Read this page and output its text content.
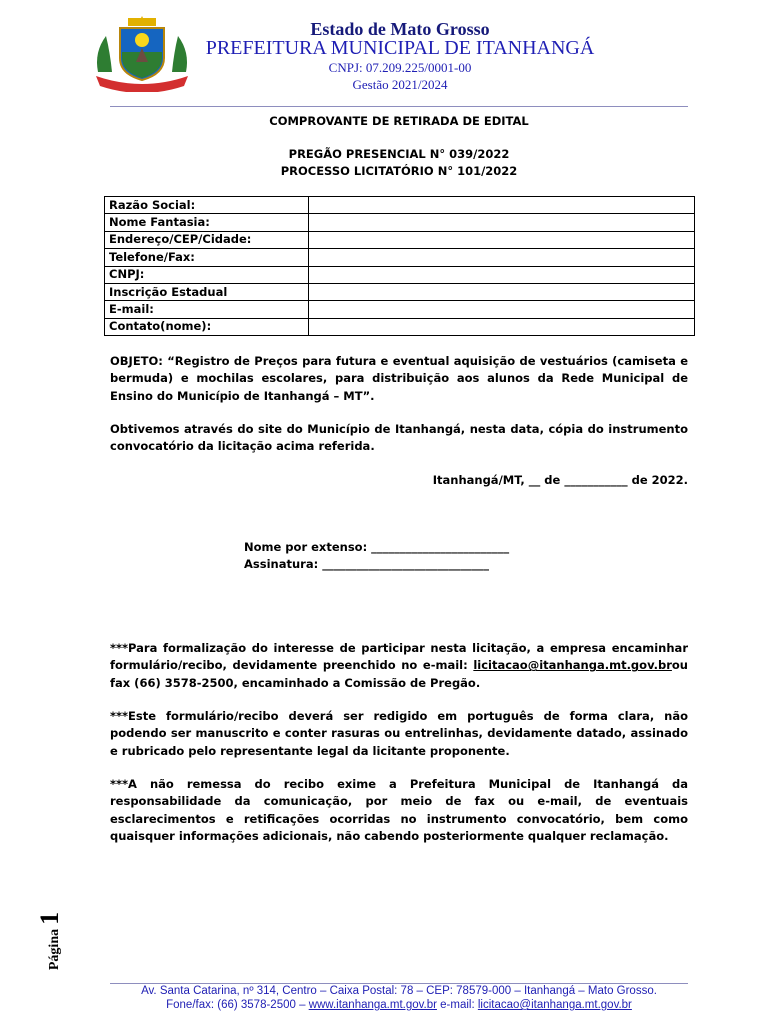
Estado de Mato Grosso
PREFEITURA MUNICIPAL DE ITANHANGÁ
CNPJ: 07.209.225/0001-00
Gestão 2021/2024
COMPROVANTE DE RETIRADA DE EDITAL
PREGÃO PRESENCIAL N° 039/2022
PROCESSO LICITATÓRIO N° 101/2022
Razão Social:	
Nome Fantasia:	
Endereço/CEP/Cidade:	
Telefone/Fax:	
CNPJ:	
Inscrição Estadual	
E-mail:	
Contato(nome):	
OBJETO: “Registro de Preços para futura e eventual aquisição de vestuários (camiseta e bermuda) e mochilas escolares, para distribuição aos alunos da Rede Municipal de Ensino do Município de Itanhangá – MT”.
Obtivemos através do site do Município de Itanhangá, nesta data, cópia do instrumento convocatório da licitação acima referida.
Itanhangá/MT, __ de ___________ de 2022.
Nome por extenso: ________________________
Assinatura: _____________________________
***Para formalização do interesse de participar nesta licitação, a empresa encaminhar formulário/recibo, devidamente preenchido no e-mail: licitacao@itanhanga.mt.gov.brou fax (66) 3578-2500, encaminhado a Comissão de Pregão.
***Este formulário/recibo deverá ser redigido em português de forma clara, não podendo ser manuscrito e conter rasuras ou entrelinhas, devidamente datado, assinado e rubricado pelo representante legal da licitante proponente.
***A não remessa do recibo exime a Prefeitura Municipal de Itanhangá da responsabilidade da comunicação, por meio de fax ou e-mail, de eventuais esclarecimentos e retificações ocorridas no instrumento convocatório, bem como quaisquer informações adicionais, não cabendo posteriormente qualquer reclamação.
Página1
Av. Santa Catarina, nº 314, Centro – Caixa Postal: 78 – CEP: 78579-000 – Itanhangá – Mato Grosso.
Fone/fax: (66) 3578-2500 – www.itanhanga.mt.gov.br e-mail: licitacao@itanhanga.mt.gov.br
